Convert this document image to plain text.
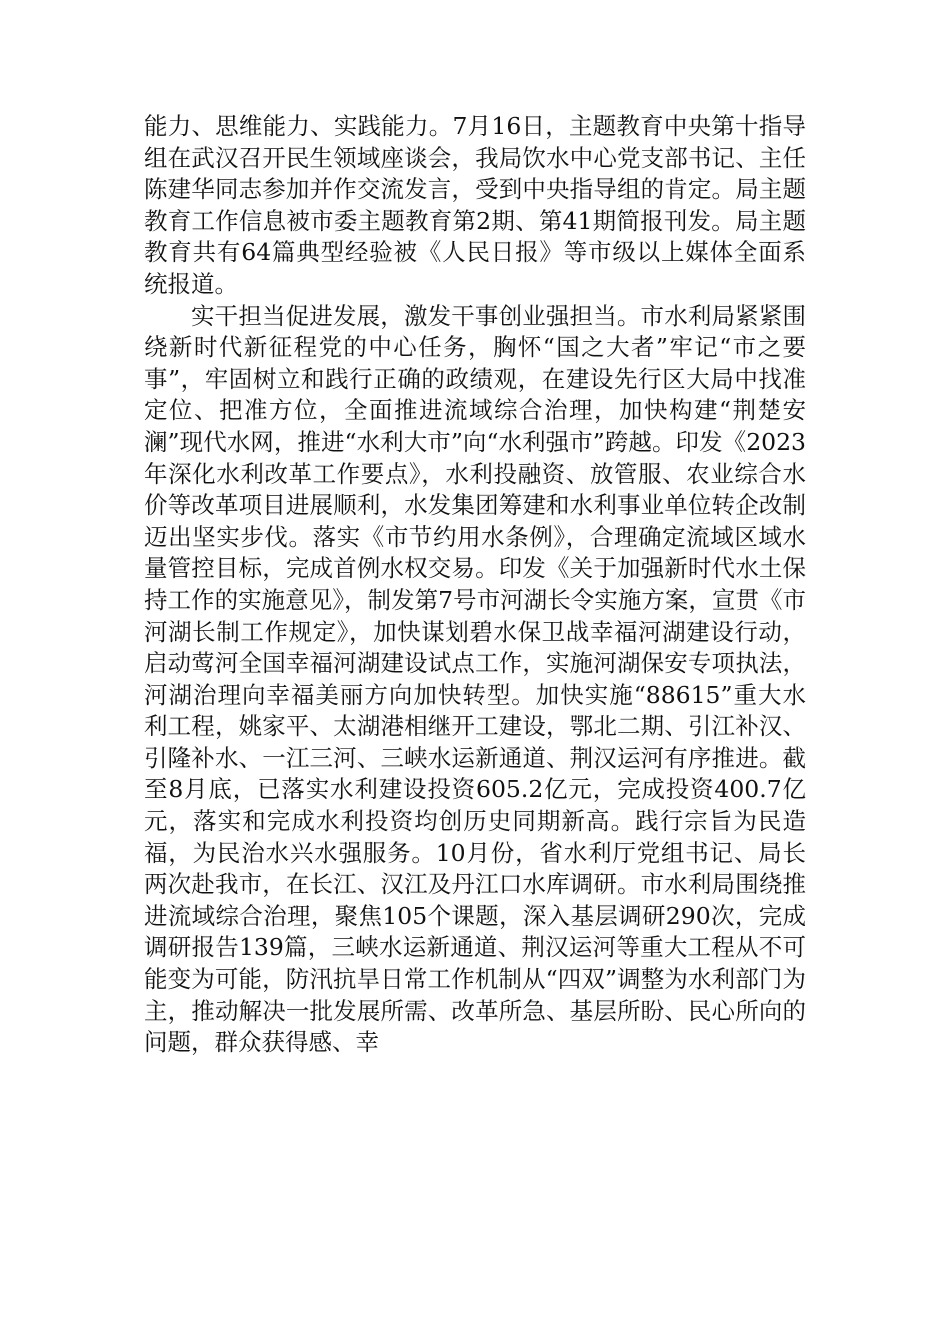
能力、思维能力、实践能力。7月16日，主题教育中央第十指导组在武汉召开民生领域座谈会，我局饮水中心党支部书记、主任陈建华同志参加并作交流发言，受到中央指导组的肯定。局主题教育工作信息被市委主题教育第2期、第41期简报刊发。局主题教育共有64篇典型经验被《人民日报》等市级以上媒体全面系统报道。

实干担当促进发展，激发干事创业强担当。市水利局紧紧围绕新时代新征程党的中心任务，胸怀“国之大者”牢记“市之要事”，牢固树立和践行正确的政绩观，在建设先行区大局中找准定位、把准方位，全面推进流域综合治理，加快构建“荆楚安澜”现代水网，推进“水利大市”向“水利强市”跨越。印发《2023年深化水利改革工作要点》，水利投融资、放管服、农业综合水价等改革项目进展顺利，水发集团筹建和水利事业单位转企改制迈出坚实步伐。落实《市节约用水条例》，合理确定流域区域水量管控目标，完成首例水权交易。印发《关于加强新时代水土保持工作的实施意见》，制发第7号市河湖长令实施方案，宣贯《市河湖长制工作规定》，加快谋划碧水保卫战幸福河湖建设行动，启动莺河全国幸福河湖建设试点工作，实施河湖保安专项执法，河湖治理向幸福美丽方向加快转型。加快实施“88615”重大水利工程，姚家平、太湖港相继开工建设，鄂北二期、引江补汉、引隆补水、一江三河、三峡水运新通道、荆汉运河有序推进。截至8月底，已落实水利建设投资605.2亿元，完成投资400.7亿元，落实和完成水利投资均创历史同期新高。践行宗旨为民造福，为民治水兴水强服务。10月份，省水利厅党组书记、局长两次赴我市，在长江、汉江及丹江口水库调研。市水利局围绕推进流域综合治理，聚焦105个课题，深入基层调研290次，完成调研报告139篇，三峡水运新通道、荆汉运河等重大工程从不可能变为可能，防汛抗旱日常工作机制从“四双”调整为水利部门为主，推动解决一批发展所需、改革所急、基层所盼、民心所向的问题，群众获得感、幸
